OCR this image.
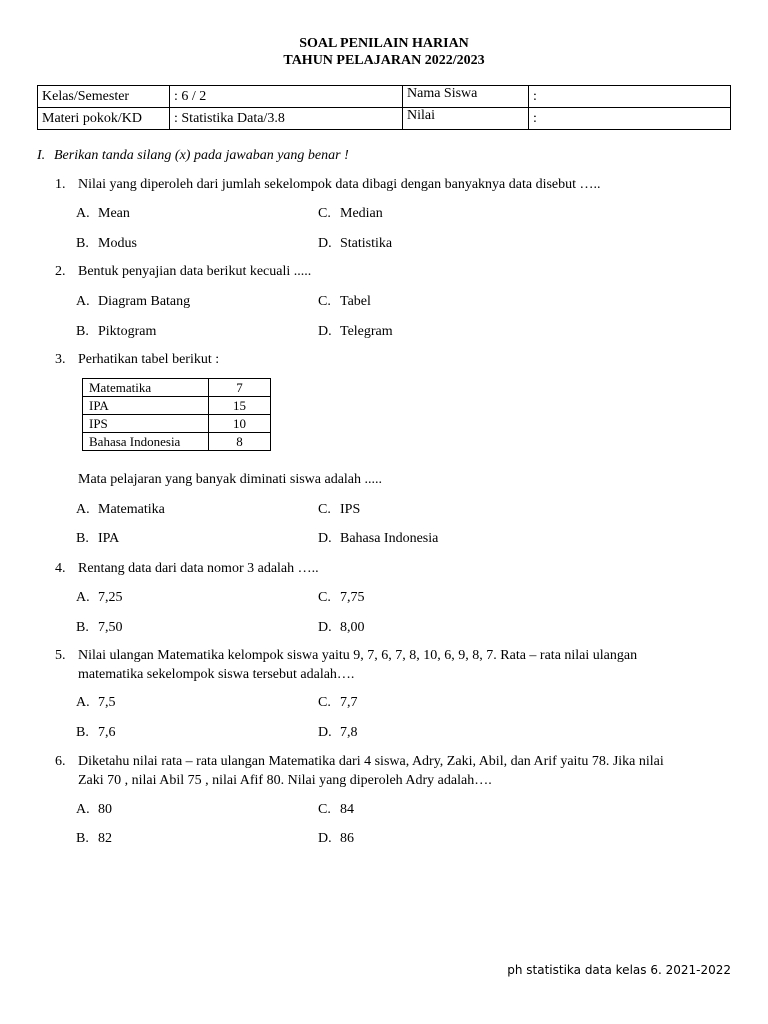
SOAL PENILAIN HARIAN
TAHUN PELAJARAN 2022/2023
Kelas/Semester	: 6 / 2	Nama Siswa	:
Materi pokok/KD	: Statistika Data/3.8	Nilai	:
I. Berikan tanda silang (x) pada jawaban yang benar !
1. Nilai yang diperoleh dari jumlah sekelompok data dibagi dengan banyaknya data disebut …..
A. Mean	C. Median
B. Modus	D. Statistika
2. Bentuk penyajian data berikut kecuali .....
A. Diagram Batang	C. Tabel
B. Piktogram	D. Telegram
3. Perhatikan tabel berikut :
Matematika	7
IPA	15
IPS	10
Bahasa Indonesia	8
Mata pelajaran yang banyak diminati siswa adalah .....
A. Matematika	C. IPS
B. IPA	D. Bahasa Indonesia
4. Rentang data dari data nomor 3 adalah …..
A. 7,25	C. 7,75
B. 7,50	D. 8,00
5. Nilai ulangan Matematika kelompok siswa yaitu 9, 7, 6, 7, 8, 10, 6, 9, 8, 7. Rata – rata nilai ulangan
matematika sekelompok siswa tersebut adalah….
A. 7,5	C. 7,7
B. 7,6	D. 7,8
6. Diketahu nilai rata – rata ulangan Matematika dari 4 siswa, Adry, Zaki, Abil, dan Arif yaitu 78. Jika nilai
Zaki 70 , nilai Abil 75 , nilai Afif 80. Nilai yang diperoleh Adry adalah….
A. 80	C. 84
B. 82	D. 86
ph statistika data kelas 6. 2021-2022
